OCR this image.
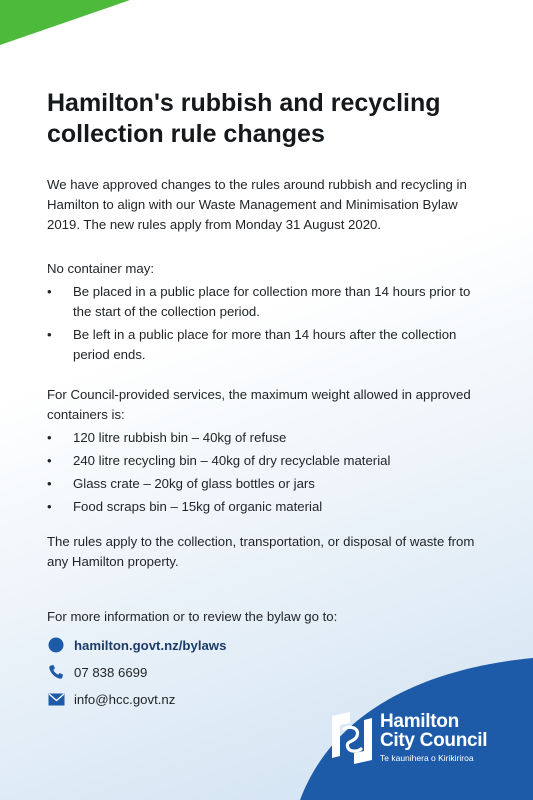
Hamilton's rubbish and recycling collection rule changes

We have approved changes to the rules around rubbish and recycling in Hamilton to align with our Waste Management and Minimisation Bylaw 2019. The new rules apply from Monday 31 August 2020.

No container may:

• Be placed in a public place for collection more than 14 hours prior to the start of the collection period.
• Be left in a public place for more than 14 hours after the collection period ends.

For Council-provided services, the maximum weight allowed in approved containers is:

• 120 litre rubbish bin – 40kg of refuse
• 240 litre recycling bin – 40kg of dry recyclable material
• Glass crate – 20kg of glass bottles or jars
• Food scraps bin – 15kg of organic material

The rules apply to the collection, transportation, or disposal of waste from any Hamilton property.

For more information or to review the bylaw go to:

hamilton.govt.nz/bylaws
07 838 6699
info@hcc.govt.nz
Hamilton
City Council
Te kaunihera o Kirikiriroa
